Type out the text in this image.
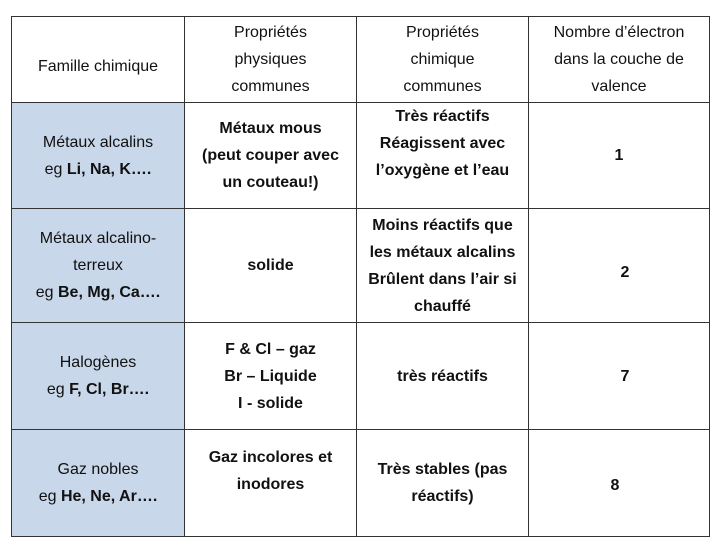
Famille chimique	Propriétés
physiques
communes	Propriétés
chimique
communes	Nombre d’électron
dans la couche de
valence

Métaux alcalins
eg Li, Na, K….	Métaux mous
(peut couper avec
un couteau!)	Très réactifs
Réagissent avec
l’oxygène et l’eau	1

Métaux alcalino-
terreux
eg Be, Mg, Ca….	solide	Moins réactifs que
les métaux alcalins
Brûlent dans l’air si
chauffé	2

Halogènes
eg F, Cl, Br….	F & Cl – gaz
Br – Liquide
I - solide	très réactifs	7

Gaz nobles
eg He, Ne, Ar….	Gaz incolores et
inodores	Très stables (pas
réactifs)	8
